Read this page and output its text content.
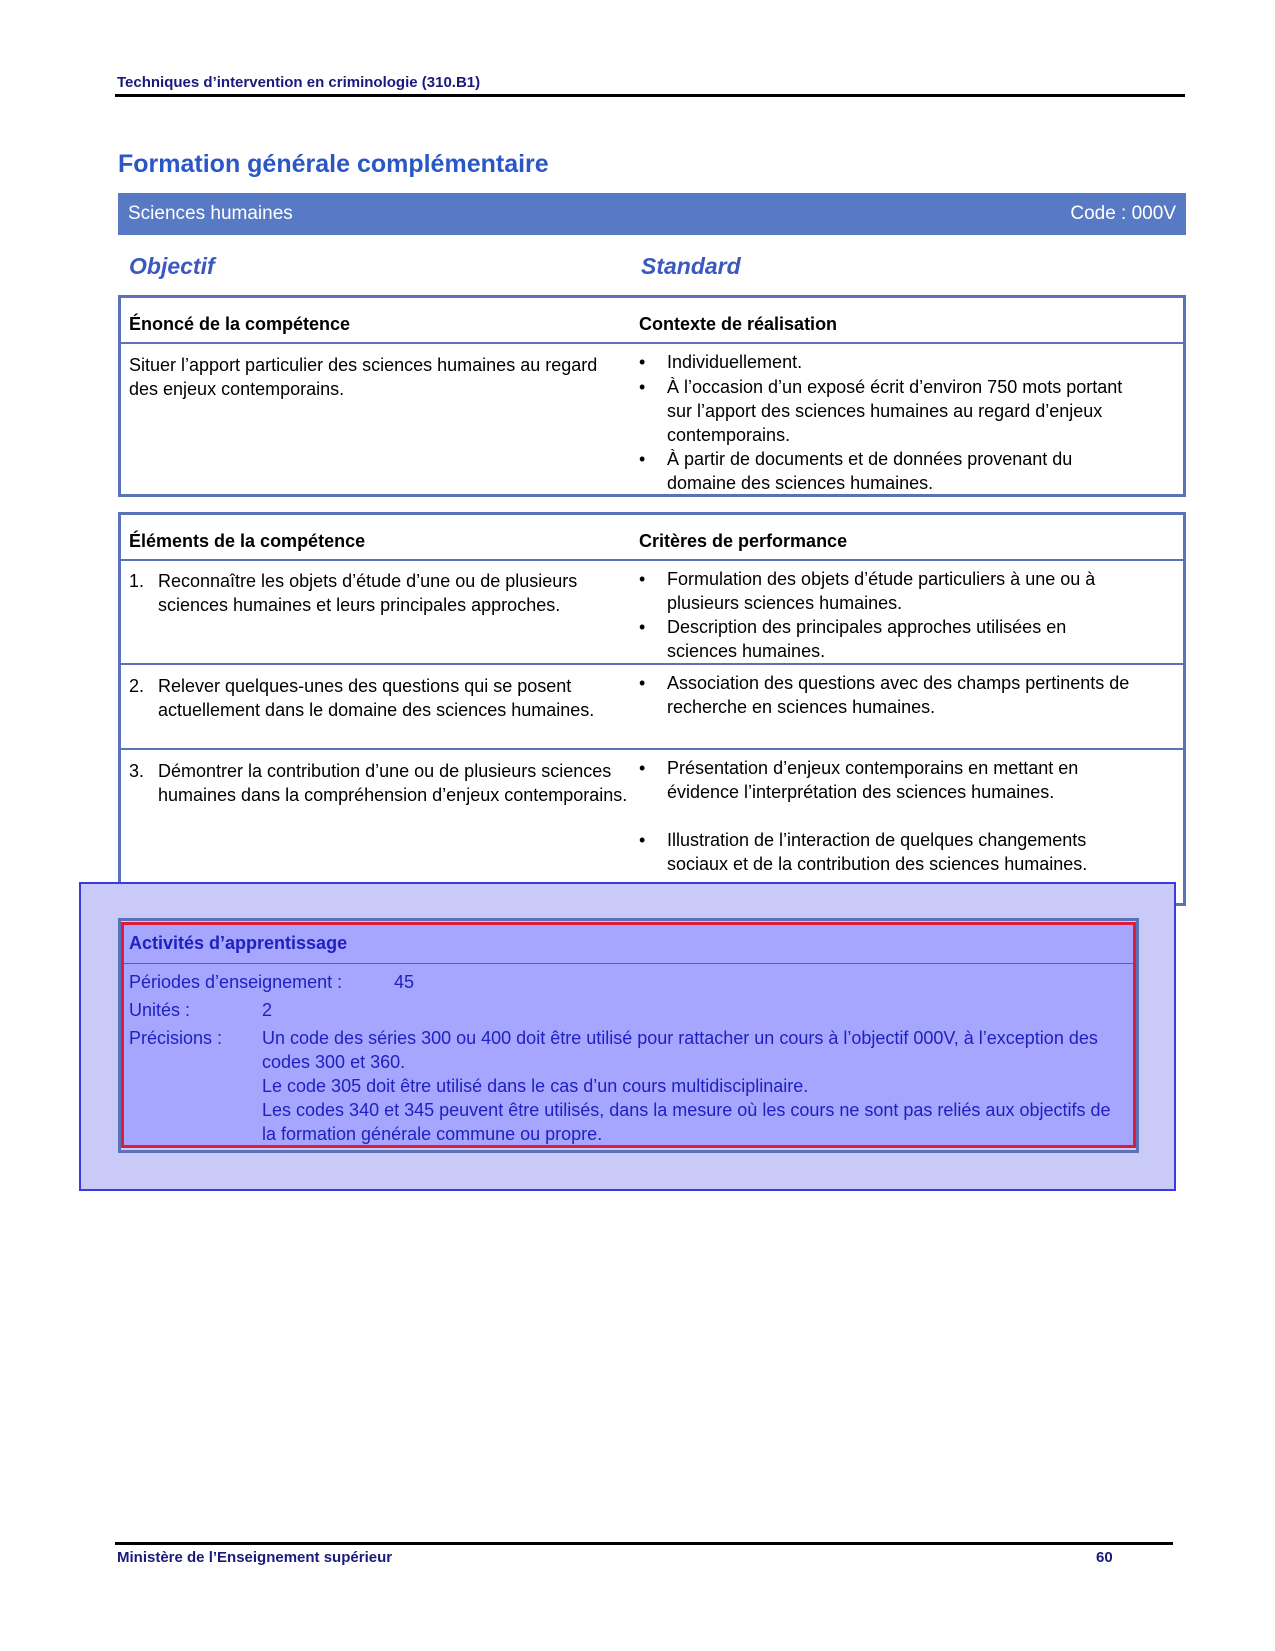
Techniques d’intervention en criminologie (310.B1)
Formation générale complémentaire
Sciences humaines	Code : 000V
Objectif	Standard
Énoncé de la compétence	Contexte de réalisation
Situer l’apport particulier des sciences humaines au regard des enjeux contemporains.
• Individuellement.
• À l’occasion d’un exposé écrit d’environ 750 mots portant sur l’apport des sciences humaines au regard d’enjeux contemporains.
• À partir de documents et de données provenant du domaine des sciences humaines.
Éléments de la compétence	Critères de performance
1. Reconnaître les objets d’étude d’une ou de plusieurs sciences humaines et leurs principales approches.
• Formulation des objets d’étude particuliers à une ou à plusieurs sciences humaines.
• Description des principales approches utilisées en sciences humaines.
2. Relever quelques-unes des questions qui se posent actuellement dans le domaine des sciences humaines.
• Association des questions avec des champs pertinents de recherche en sciences humaines.
3. Démontrer la contribution d’une ou de plusieurs sciences humaines dans la compréhension d’enjeux contemporains.
• Présentation d’enjeux contemporains en mettant en évidence l’interprétation des sciences humaines.
• Illustration de l’interaction de quelques changements sociaux et de la contribution des sciences humaines.
Activités d’apprentissage
Périodes d’enseignement :	45
Unités :	2
Précisions : Un code des séries 300 ou 400 doit être utilisé pour rattacher un cours à l’objectif 000V, à l’exception des codes 300 et 360.
Le code 305 doit être utilisé dans le cas d’un cours multidisciplinaire.
Les codes 340 et 345 peuvent être utilisés, dans la mesure où les cours ne sont pas reliés aux objectifs de la formation générale commune ou propre.
Ministère de l’Enseignement supérieur	60
